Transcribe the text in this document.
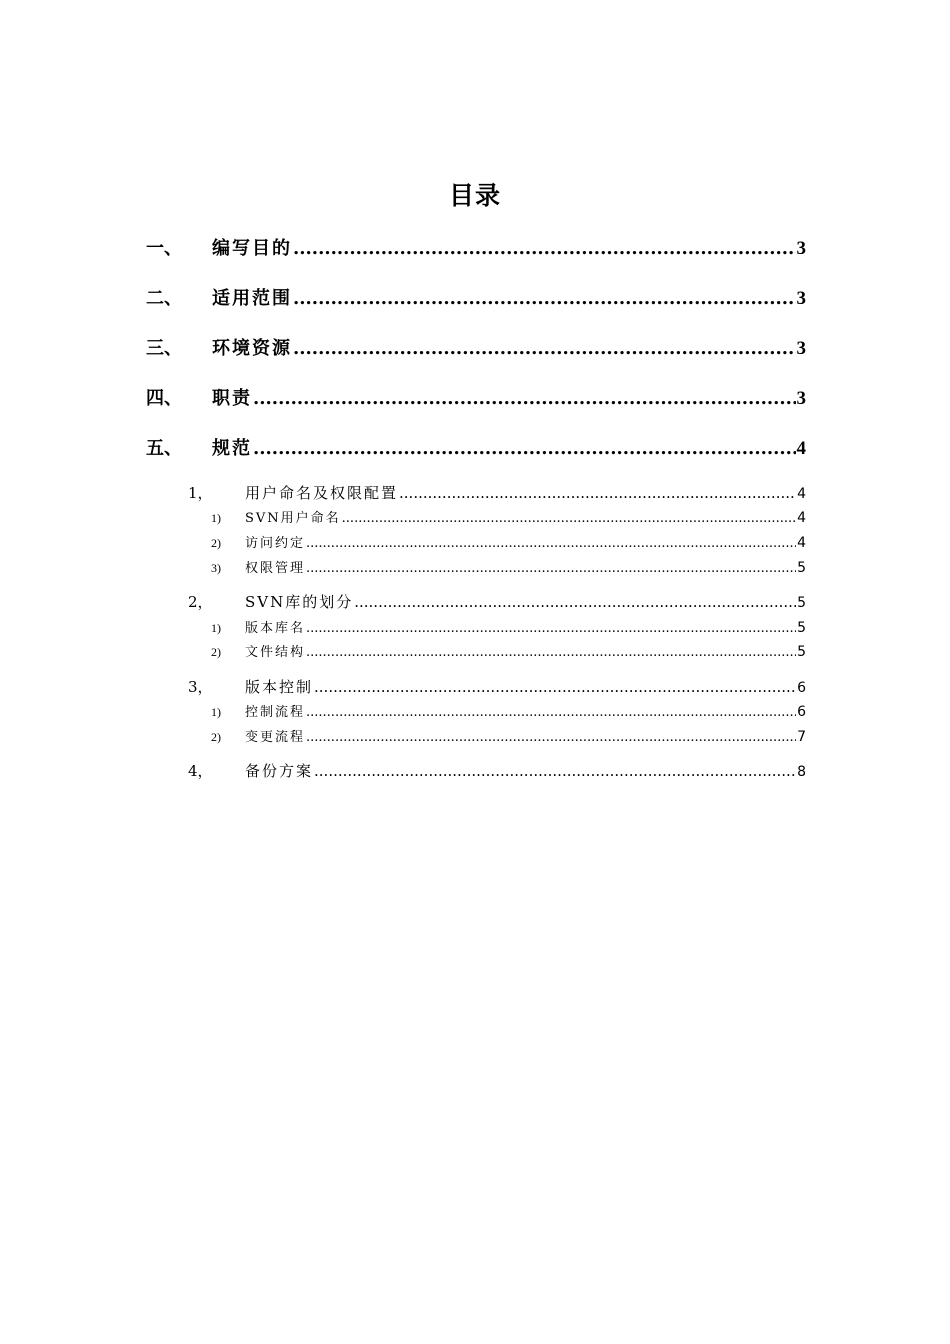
目录
一、	编写目的 .....	3
二、	适用范围 .....	3
三、	环境资源 .....	3
四、	职责 .....	3
五、	规范 .....	4
1，	用户命名及权限配置 .....	4
1)	SVN用户命名 .....	4
2)	访问约定 .....	4
3)	权限管理 .....	5
2，	SVN库的划分 .....	5
1)	版本库名 .....	5
2)	文件结构 .....	5
3，	版本控制 .....	6
1)	控制流程 .....	6
2)	变更流程 .....	7
4，	备份方案 .....	8
